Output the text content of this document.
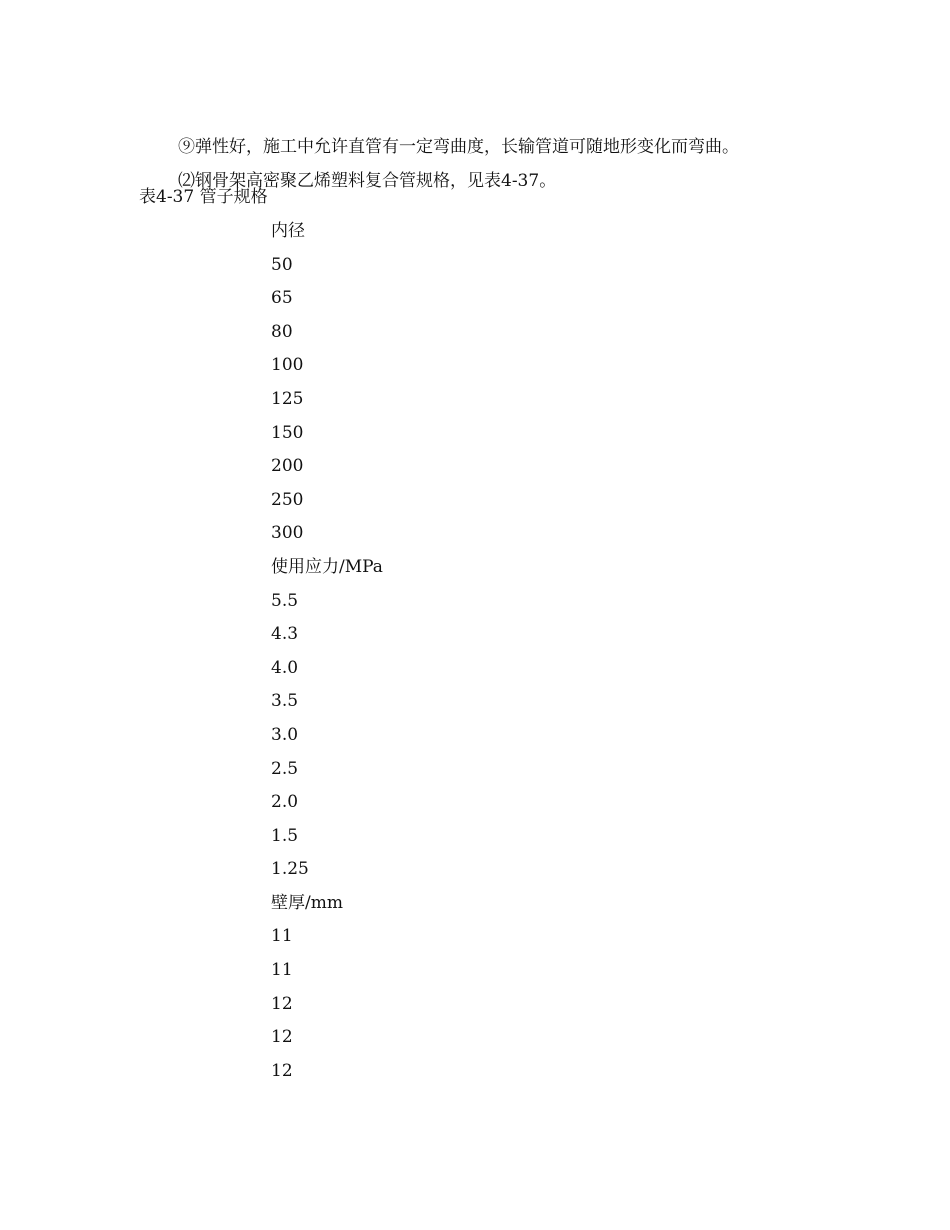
⑨弹性好，施工中允许直管有一定弯曲度，长输管道可随地形变化而弯曲。

⑵钢骨架高密聚乙烯塑料复合管规格，见表4-37。

表4-37 管子规格
内径
50
65
80
100
125
150
200
250
300
使用应力/MPa
5.5
4.3
4.0
3.5
3.0
2.5
2.0
1.5
1.25
壁厚/mm
11
11
12
12
12
